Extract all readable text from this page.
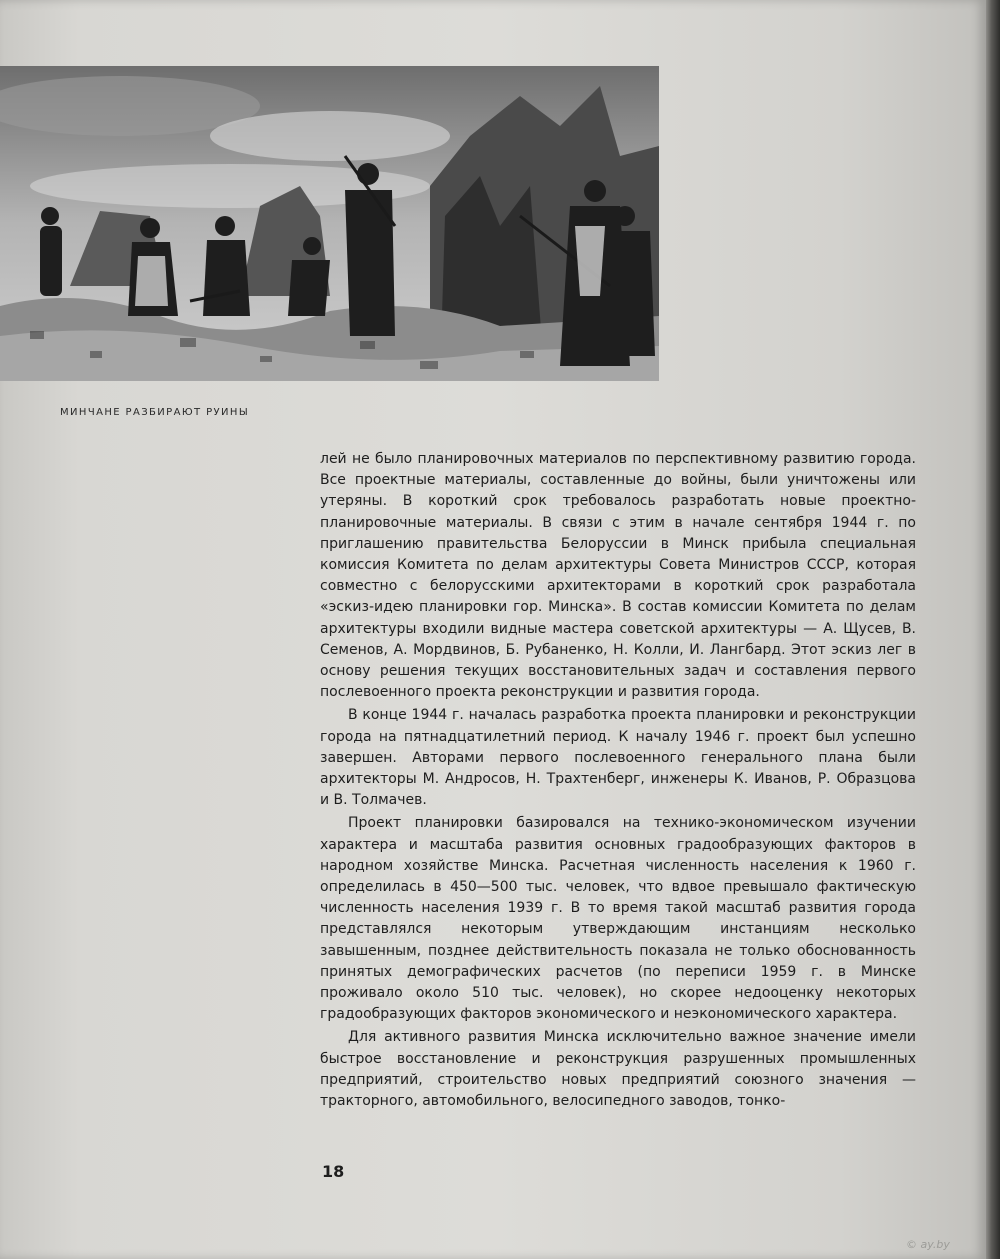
МИНЧАНЕ РАЗБИРАЮТ РУИНЫ

лей не было планировочных материалов по перспективному развитию города. Все проектные материалы, составленные до войны, были уничтожены или утеряны. В короткий срок требовалось разработать новые проектно-планировочные материалы. В связи с этим в начале сентября 1944 г. по приглашению правительства Белоруссии в Минск прибыла специальная комиссия Комитета по делам архитектуры Совета Министров СССР, которая совместно с белорусскими архитекторами в короткий срок разработала «эскиз-идею планировки гор. Минска». В состав комиссии Комитета по делам архитектуры входили видные мастера советской архитектуры — А. Щусев, В. Семенов, А. Мордвинов, Б. Рубаненко, Н. Колли, И. Лангбард. Этот эскиз лег в основу решения текущих восстановительных задач и составления первого послевоенного проекта реконструкции и развития города.

В конце 1944 г. началась разработка проекта планировки и реконструкции города на пятнадцатилетний период. К началу 1946 г. проект был успешно завершен. Авторами первого послевоенного генерального плана были архитекторы М. Андросов, Н. Трахтенберг, инженеры К. Иванов, Р. Образцова и В. Толмачев.

Проект планировки базировался на технико-экономическом изучении характера и масштаба развития основных градообразующих факторов в народном хозяйстве Минска. Расчетная численность населения к 1960 г. определилась в 450—500 тыс. человек, что вдвое превышало фактическую численность населения 1939 г. В то время такой масштаб развития города представлялся некоторым утверждающим инстанциям несколько завышенным, позднее действительность показала не только обоснованность принятых демографических расчетов (по переписи 1959 г. в Минске проживало около 510 тыс. человек), но скорее недооценку некоторых градообразующих факторов экономического и неэкономического характера.

Для активного развития Минска исключительно важное значение имели быстрое восстановление и реконструкция разрушенных промышленных предприятий, строительство новых предприятий союзного значения — тракторного, автомобильного, велосипедного заводов, тонко-

18
© ay.by
